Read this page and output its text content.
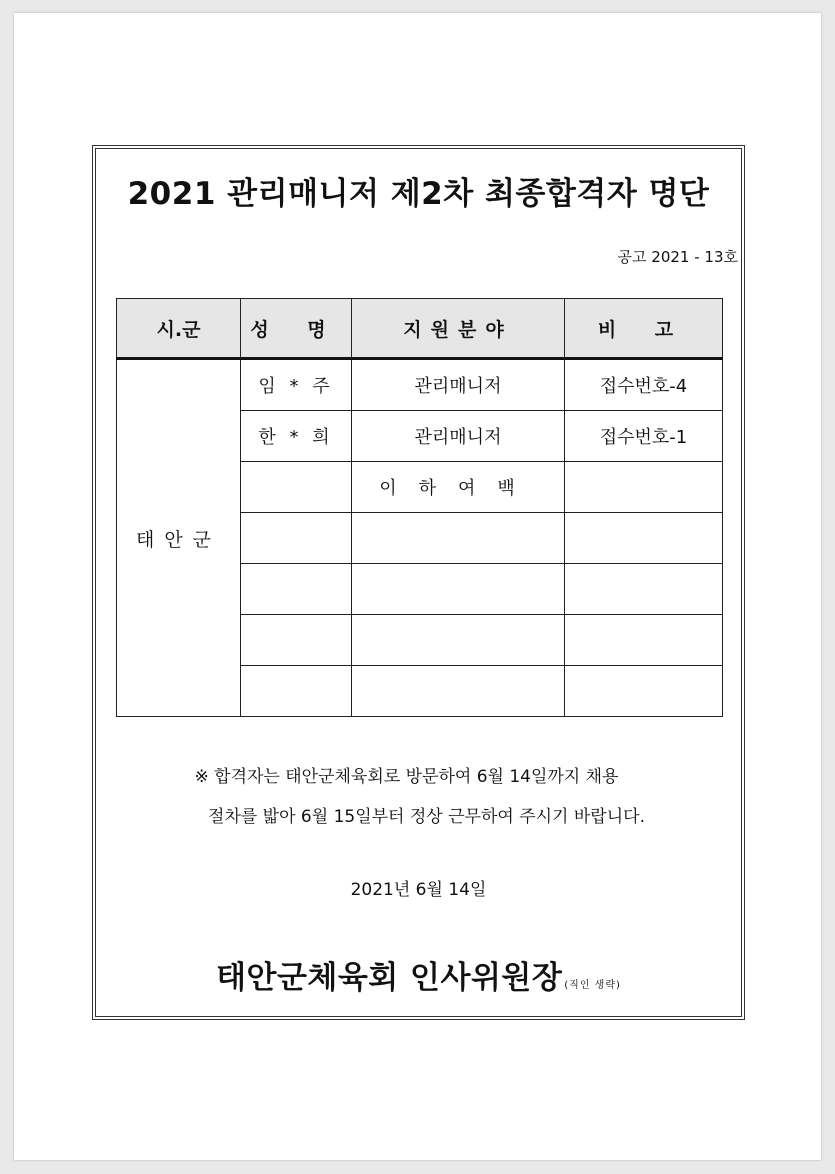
2021 관리매니저 제2차 최종합격자 명단
공고 2021 - 13호
시.군	성 명	지원분야	비 고
태안군	임 * 주	관리매니저	접수번호-4
	한 * 희	관리매니저	접수번호-1
		이하여백	

※ 합격자는 태안군체육회로 방문하여 6월 14일까지 채용
절차를 밟아 6월 15일부터 정상 근무하여 주시기 바랍니다.
2021년 6월 14일
태안군체육회 인사위원장 (직인 생략)
